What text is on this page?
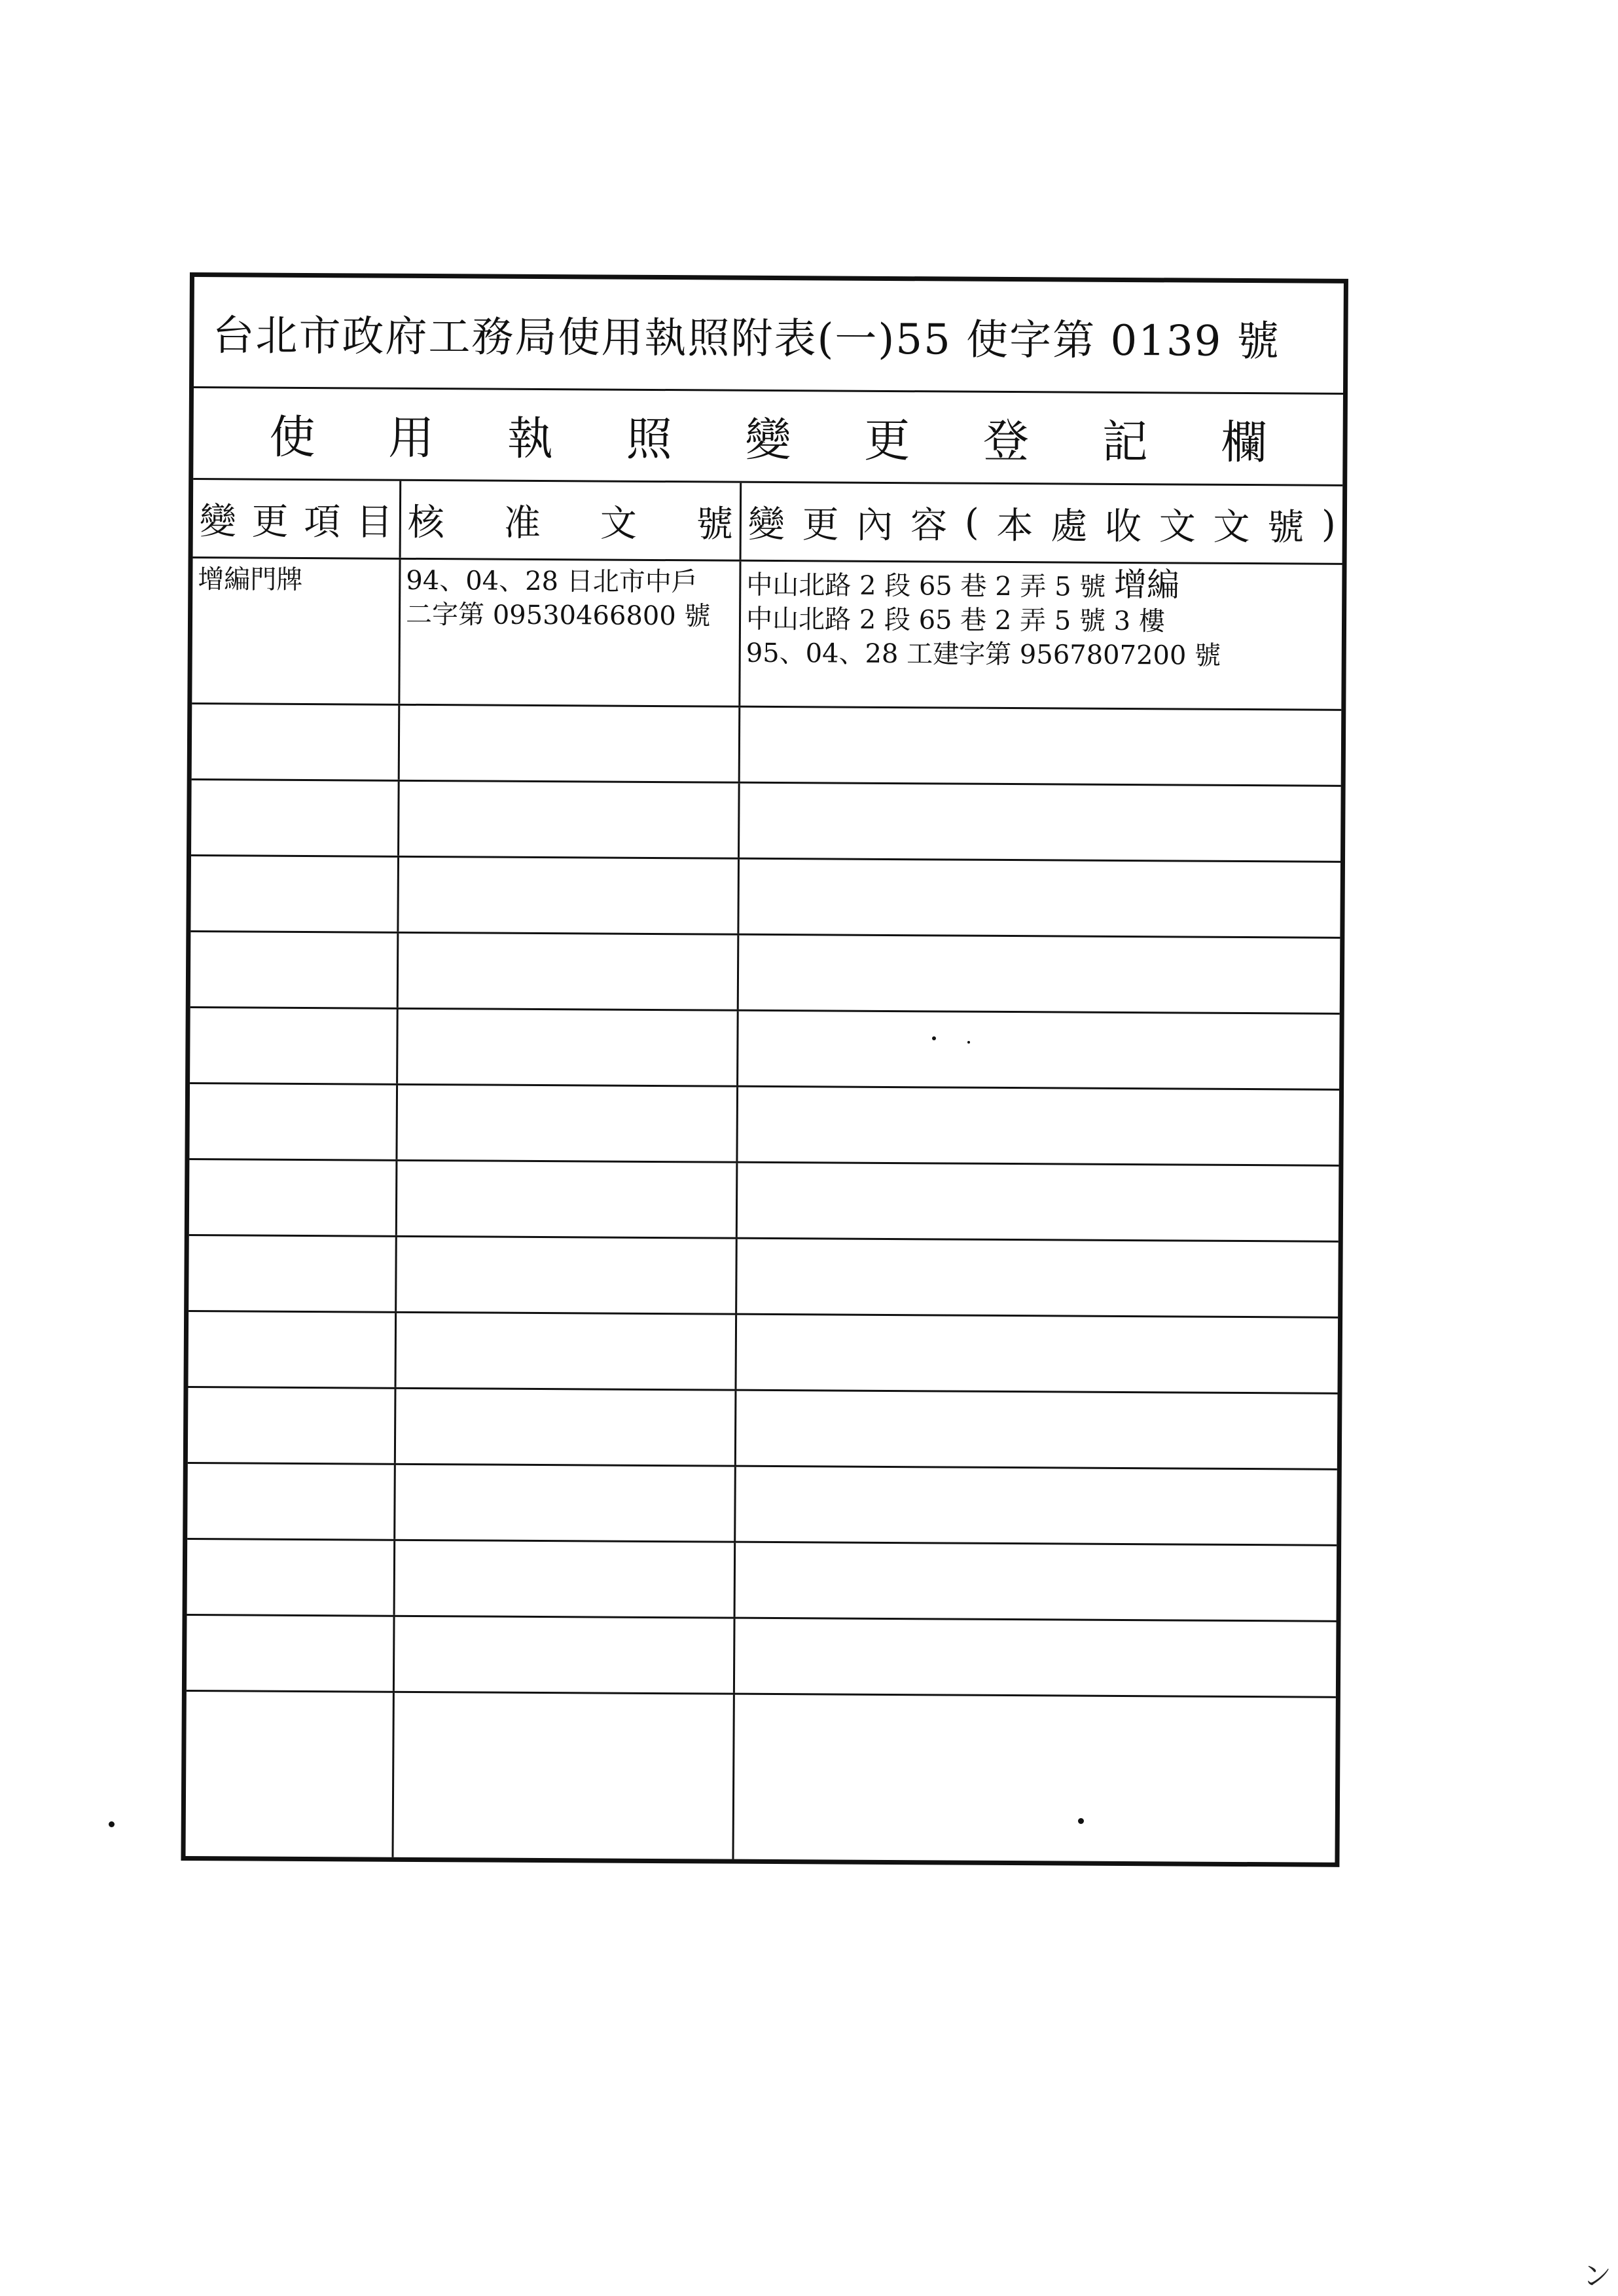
台北市政府工務局使用執照附表(一)55 使字第 0139 號
使 用 執 照 變 更 登 記 欄
變 更 項 目 核 准 文 號 變 更 內 容 ( 本 處 收 文 文 號 )
增編門牌	94、04、28 日北市中戶
二字第 09530466800 號
中山北路 2 段 65 巷 2 弄 5 號 增編
中山北路 2 段 65 巷 2 弄 5 號 3 樓
95、04、28 工建字第 9567807200 號
ン
